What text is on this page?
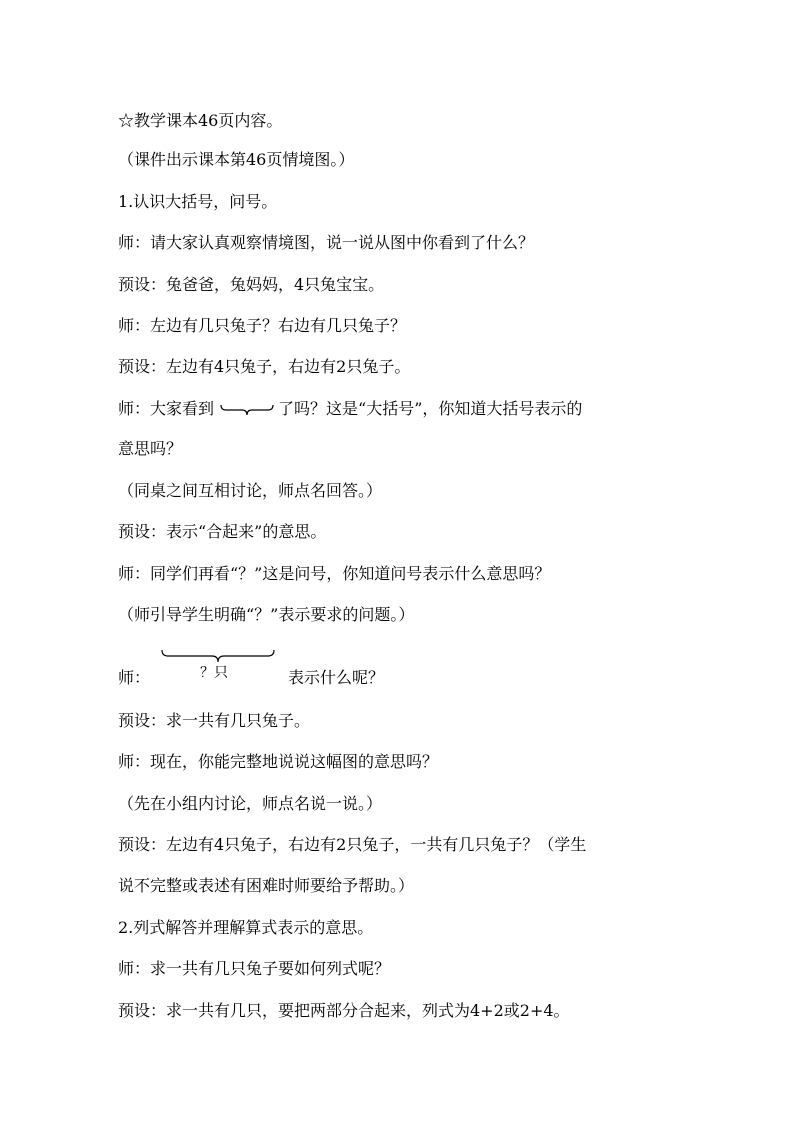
☆教学课本46页内容。
（课件出示课本第46页情境图。）
1.认识大括号，问号。
师：请大家认真观察情境图，说一说从图中你看到了什么？
预设：兔爸爸，兔妈妈，4只兔宝宝。
师：左边有几只兔子？右边有几只兔子？
预设：左边有4只兔子，右边有2只兔子。
师：大家看到	了吗？这是“大括号”，你知道大括号表示的
意思吗？
（同桌之间互相讨论，师点名回答。）
预设：表示“合起来”的意思。
师：同学们再看“？”这是问号，你知道问号表示什么意思吗？
（师引导学生明确“？”表示要求的问题。）
师：	？只	表示什么呢？
预设：求一共有几只兔子。
师：现在，你能完整地说说这幅图的意思吗？
（先在小组内讨论，师点名说一说。）
预设：左边有4只兔子，右边有2只兔子，一共有几只兔子？（学生
说不完整或表述有困难时师要给予帮助。）
2.列式解答并理解算式表示的意思。
师：求一共有几只兔子要如何列式呢？
预设：求一共有几只，要把两部分合起来，列式为4+2或2+4。
